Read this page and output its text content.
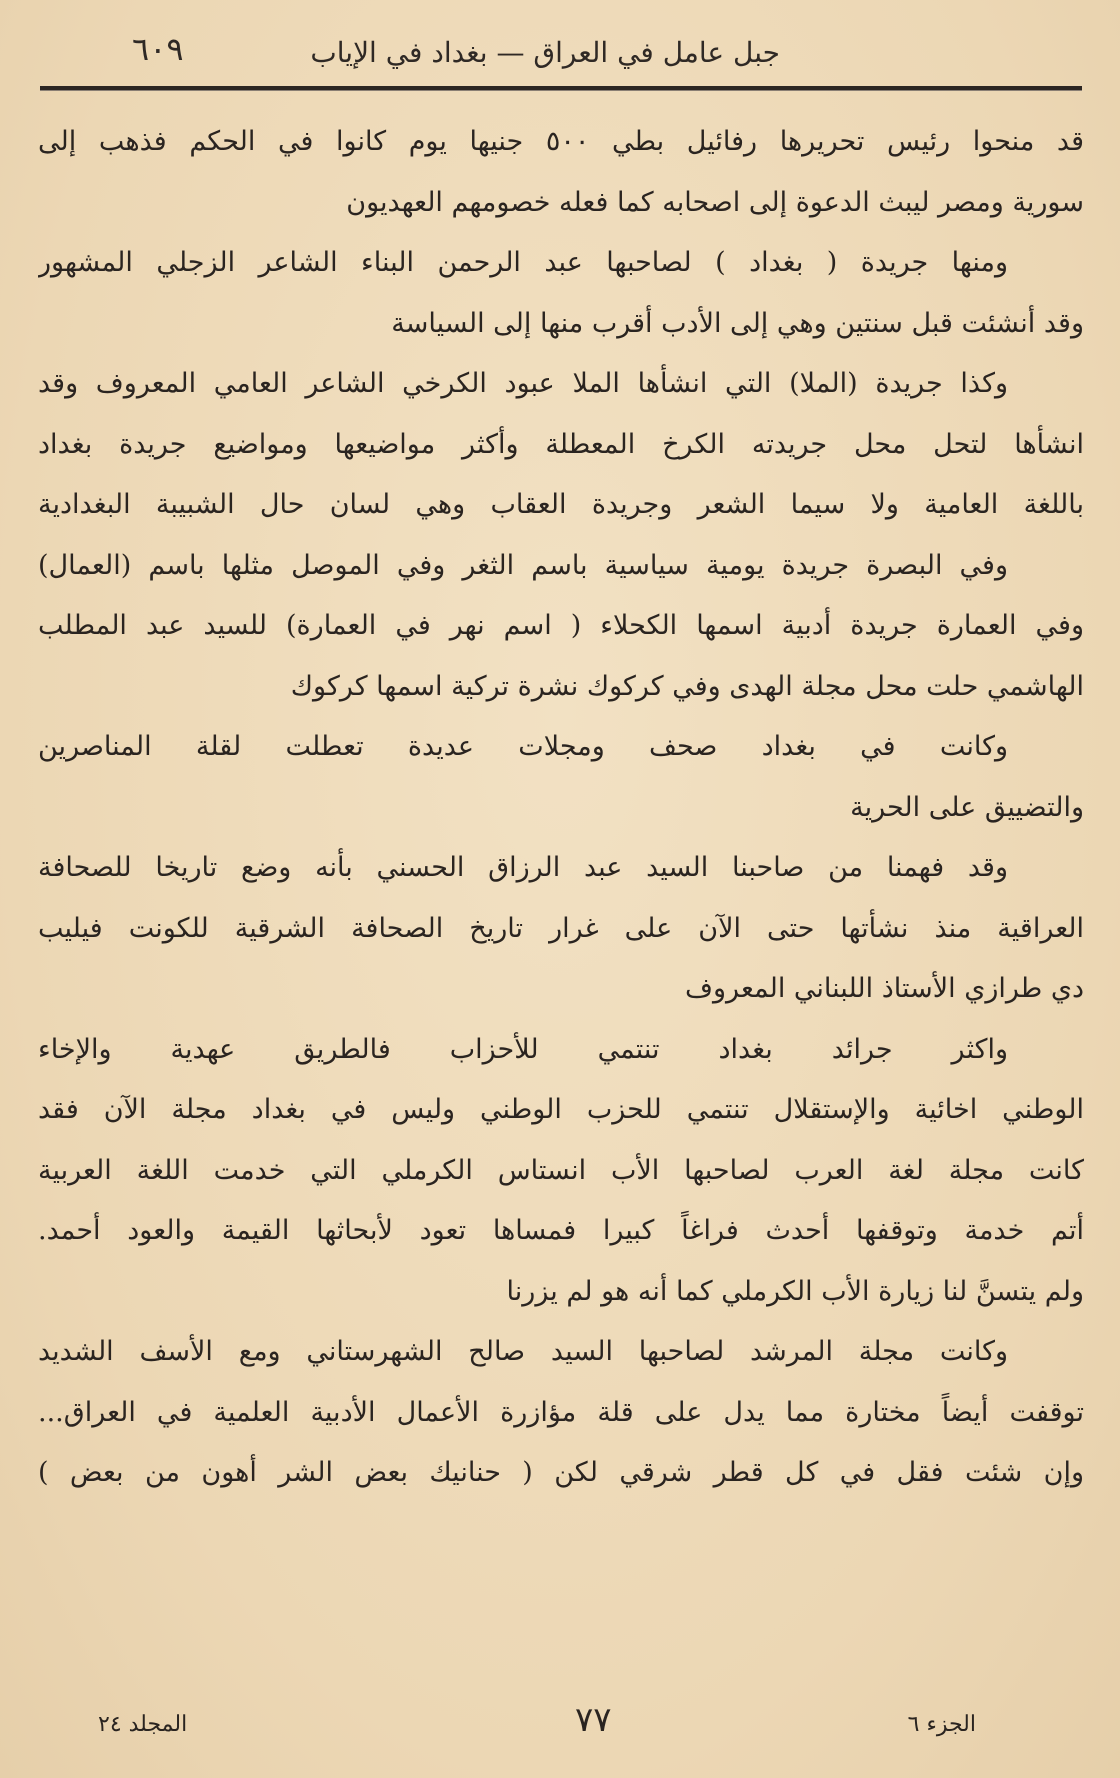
جبل عامل في العراق — بغداد في الإياب
٦٠٩
قد منحوا رئيس تحريرها رفائيل بطي ٥٠٠ جنيها يوم كانوا في الحكم فذهب إلى
سورية ومصر ليبث الدعوة إلى اصحابه كما فعله خصومهم العهديون
ومنها جريدة ( بغداد ) لصاحبها عبد الرحمن البناء الشاعر الزجلي المشهور
وقد أنشئت قبل سنتين وهي إلى الأدب أقرب منها إلى السياسة
وكذا جريدة (الملا) التي انشأها الملا عبود الكرخي الشاعر العامي المعروف وقد
انشأها لتحل محل جريدته الكرخ المعطلة وأكثر مواضيعها ومواضيع جريدة بغداد
باللغة العامية ولا سيما الشعر وجريدة العقاب وهي لسان حال الشبيبة البغدادية
وفي البصرة جريدة يومية سياسية باسم الثغر وفي الموصل مثلها باسم (العمال)
وفي العمارة جريدة أدبية اسمها الكحلاء ( اسم نهر في العمارة) للسيد عبد المطلب
الهاشمي حلت محل مجلة الهدى وفي كركوك نشرة تركية اسمها كركوك
وكانت في بغداد صحف ومجلات عديدة تعطلت لقلة المناصرين
والتضييق على الحرية
وقد فهمنا من صاحبنا السيد عبد الرزاق الحسني بأنه وضع تاريخا للصحافة
العراقية منذ نشأتها حتى الآن على غرار تاريخ الصحافة الشرقية للكونت فيليب
دي طرازي الأستاذ اللبناني المعروف
واكثر جرائد بغداد تنتمي للأحزاب فالطريق عهدية والإخاء
الوطني اخائية والإستقلال تنتمي للحزب الوطني وليس في بغداد مجلة الآن فقد
كانت مجلة لغة العرب لصاحبها الأب انستاس الكرملي التي خدمت اللغة العربية
أتم خدمة وتوقفها أحدث فراغاً كبيرا فمساها تعود لأبحاثها القيمة والعود أحمد.
ولم يتسنَّ لنا زيارة الأب الكرملي كما أنه هو لم يزرنا
وكانت مجلة المرشد لصاحبها السيد صالح الشهرستاني ومع الأسف الشديد
توقفت أيضاً مختارة مما يدل على قلة مؤازرة الأعمال الأدبية العلمية في العراق...
وإن شئت فقل في كل قطر شرقي لكن ( حنانيك بعض الشر أهون من بعض )
الجزء ٦
٧٧
المجلد ٢٤
